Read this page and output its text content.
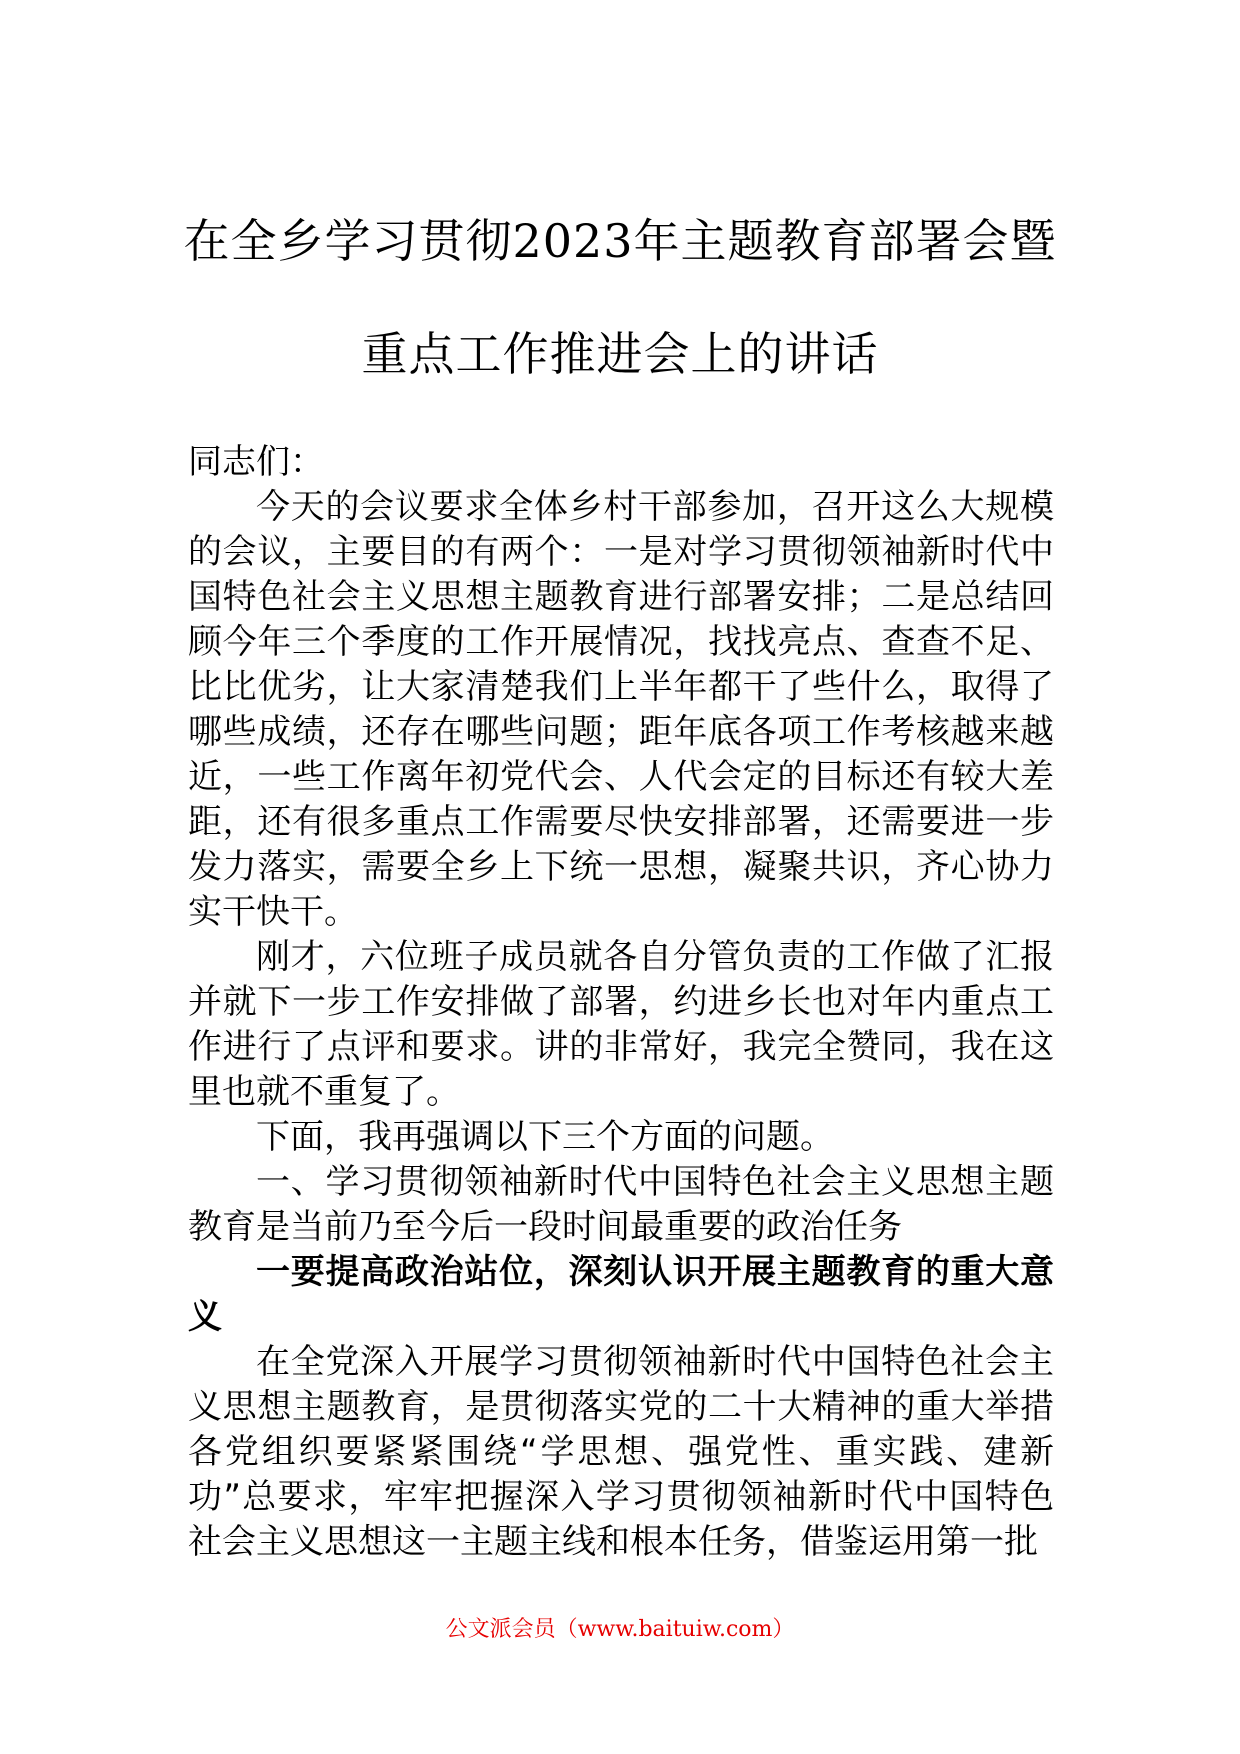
在全乡学习贯彻2023年主题教育部署会暨
重点工作推进会上的讲话

同志们：

今天的会议要求全体乡村干部参加，召开这么大规模的会议，主要目的有两个：一是对学习贯彻领袖新时代中国特色社会主义思想主题教育进行部署安排；二是总结回顾今年三个季度的工作开展情况，找找亮点、查查不足、比比优劣，让大家清楚我们上半年都干了些什么，取得了哪些成绩，还存在哪些问题；距年底各项工作考核越来越近，一些工作离年初党代会、人代会定的目标还有较大差距，还有很多重点工作需要尽快安排部署，还需要进一步发力落实，需要全乡上下统一思想，凝聚共识，齐心协力实干快干。

刚才，六位班子成员就各自分管负责的工作做了汇报并就下一步工作安排做了部署，约进乡长也对年内重点工作进行了点评和要求。讲的非常好，我完全赞同，我在这里也就不重复了。

下面，我再强调以下三个方面的问题。

一、学习贯彻领袖新时代中国特色社会主义思想主题教育是当前乃至今后一段时间最重要的政治任务

一要提高政治站位，深刻认识开展主题教育的重大意义

在全党深入开展学习贯彻领袖新时代中国特色社会主义思想主题教育，是贯彻落实党的二十大精神的重大举措各党组织要紧紧围绕“学思想、强党性、重实践、建新功”总要求，牢牢把握深入学习贯彻领袖新时代中国特色社会主义思想这一主题主线和根本任务，借鉴运用第一批

公文派会员（www.baituiw.com）
